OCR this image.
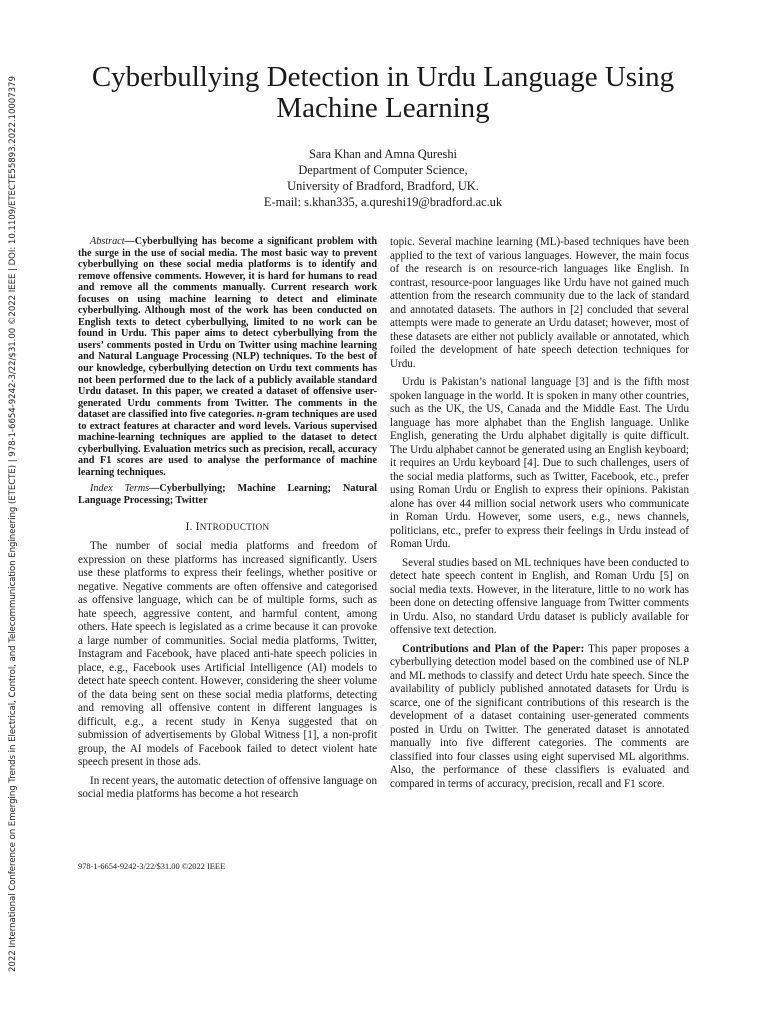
2022 International Conference on Emerging Trends in Electrical, Control, and Telecommunication Engineering (ETECTE) | 978-1-6654-9242-3/22/$31.00 ©2022 IEEE | DOI: 10.1109/ETECTE55893.2022.10007379	Cyberbullying Detection in Urdu Language Using Machine Learning
Sara Khan and Amna Qureshi
Department of Computer Science,
University of Bradford, Bradford, UK.
E-mail: s.khan335, a.qureshi19@bradford.ac.uk

Abstract—Cyberbullying has become a significant problem with the surge in the use of social media. The most basic way to prevent cyberbullying on these social media platforms is to identify and remove offensive comments. However, it is hard for humans to read and remove all the comments manually. Current research work focuses on using machine learning to detect and eliminate cyberbullying. Although most of the work has been conducted on English texts to detect cyberbullying, limited to no work can be found in Urdu. This paper aims to detect cyberbullying from the users’ comments posted in Urdu on Twitter using machine learning and Natural Language Processing (NLP) techniques. To the best of our knowledge, cyberbullying detection on Urdu text comments has not been performed due to the lack of a publicly available standard Urdu dataset. In this paper, we created a dataset of offensive user-generated Urdu comments from Twitter. The comments in the dataset are classified into five categories. n-gram techniques are used to extract features at character and word levels. Various supervised machine-learning techniques are applied to the dataset to detect cyberbullying. Evaluation metrics such as precision, recall, accuracy and F1 scores are used to analyse the performance of machine learning techniques.

Index Terms—Cyberbullying; Machine Learning; Natural Language Processing; Twitter

I. INTRODUCTION

The number of social media platforms and freedom of expression on these platforms has increased significantly. Users use these platforms to express their feelings, whether positive or negative. Negative comments are often offensive and categorised as offensive language, which can be of multiple forms, such as hate speech, aggressive content, and harmful content, among others. Hate speech is legislated as a crime because it can provoke a large number of communities. Social media platforms, Twitter, Instagram and Facebook, have placed anti-hate speech policies in place, e.g., Facebook uses Artificial Intelligence (AI) models to detect hate speech content. However, considering the sheer volume of the data being sent on these social media platforms, detecting and removing all offensive content in different languages is difficult, e.g., a recent study in Kenya suggested that on submission of advertisements by Global Witness [1], a non-profit group, the AI models of Facebook failed to detect violent hate speech present in those ads.

In recent years, the automatic detection of offensive language on social media platforms has become a hot research

topic. Several machine learning (ML)-based techniques have been applied to the text of various languages. However, the main focus of the research is on resource-rich languages like English. In contrast, resource-poor languages like Urdu have not gained much attention from the research community due to the lack of standard and annotated datasets. The authors in [2] concluded that several attempts were made to generate an Urdu dataset; however, most of these datasets are either not publicly available or annotated, which foiled the development of hate speech detection techniques for Urdu.

Urdu is Pakistan’s national language [3] and is the fifth most spoken language in the world. It is spoken in many other countries, such as the UK, the US, Canada and the Middle East. The Urdu language has more alphabet than the English language. Unlike English, generating the Urdu alphabet digitally is quite difficult. The Urdu alphabet cannot be generated using an English keyboard; it requires an Urdu keyboard [4]. Due to such challenges, users of the social media platforms, such as Twitter, Facebook, etc., prefer using Roman Urdu or English to express their opinions. Pakistan alone has over 44 million social network users who communicate in Roman Urdu. However, some users, e.g., news channels, politicians, etc., prefer to express their feelings in Urdu instead of Roman Urdu.

Several studies based on ML techniques have been conducted to detect hate speech content in English, and Roman Urdu [5] on social media texts. However, in the literature, little to no work has been done on detecting offensive language from Twitter comments in Urdu. Also, no standard Urdu dataset is publicly available for offensive text detection.

Contributions and Plan of the Paper: This paper proposes a cyberbullying detection model based on the combined use of NLP and ML methods to classify and detect Urdu hate speech. Since the availability of publicly published annotated datasets for Urdu is scarce, one of the significant contributions of this research is the development of a dataset containing user-generated comments posted in Urdu on Twitter. The generated dataset is annotated manually into five different categories. The comments are classified into four classes using eight supervised ML algorithms. Also, the performance of these classifiers is evaluated and compared in terms of accuracy, precision, recall and F1 score.

978-1-6654-9242-3/22/$31.00 ©2022 IEEE
